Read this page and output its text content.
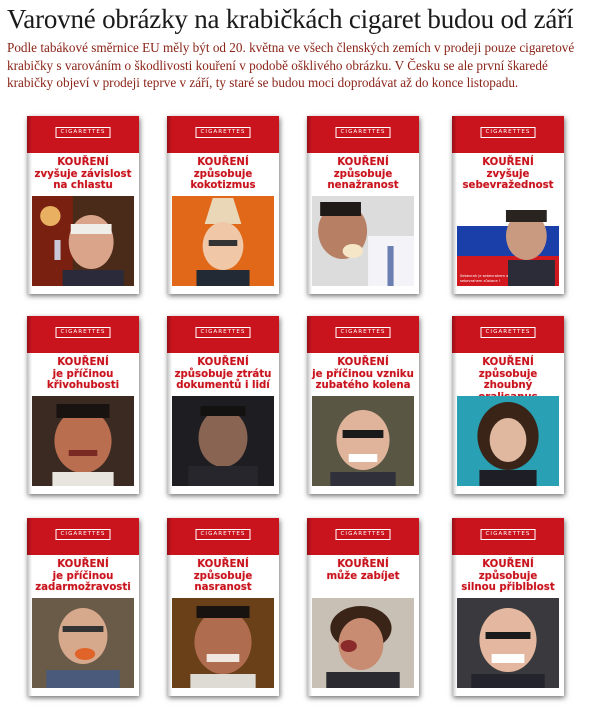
Varovné obrázky na krabičkách cigaret budou od září
Podle tabákové směrnice EU měly být od 20. května ve všech členských zemích v prodeji pouze cigaretové krabičky s varováním o škodlivosti kouření v podobě ošklivého obrázku. V Česku se ale první škaredé krabičky objeví v prodeji teprve v září, ty staré se budou moci doprodávat až do konce listopadu.
CIGARETTES
KOUŘENÍ
zvyšuje závislost
na chlastu
CIGARETTES
KOUŘENÍ
způsobuje
kokotizmus
CIGARETTES
KOUŘENÍ
způsobuje
nenažranost
CIGARETTES
KOUŘENÍ
zvyšuje
sebevražednost
Sebevrah je sebevrahem a sebevrahem zůstane !
CIGARETTES
KOUŘENÍ
je příčinou
křivohubosti
CIGARETTES
KOUŘENÍ
způsobuje ztrátu
dokumentů i lidí
CIGARETTES
KOUŘENÍ
je příčinou vzniku
zubatého kolena
CIGARETTES
KOUŘENÍ
způsobuje zhoubný
CIGARETTES
KOUŘENÍ
je příčinou
zadarmožravosti
CIGARETTES
KOUŘENÍ
způsobuje
nasranost
CIGARETTES
KOUŘENÍ
může zabíjet
CIGARETTES
KOUŘENÍ
způsobuje
silnou přiblblost
